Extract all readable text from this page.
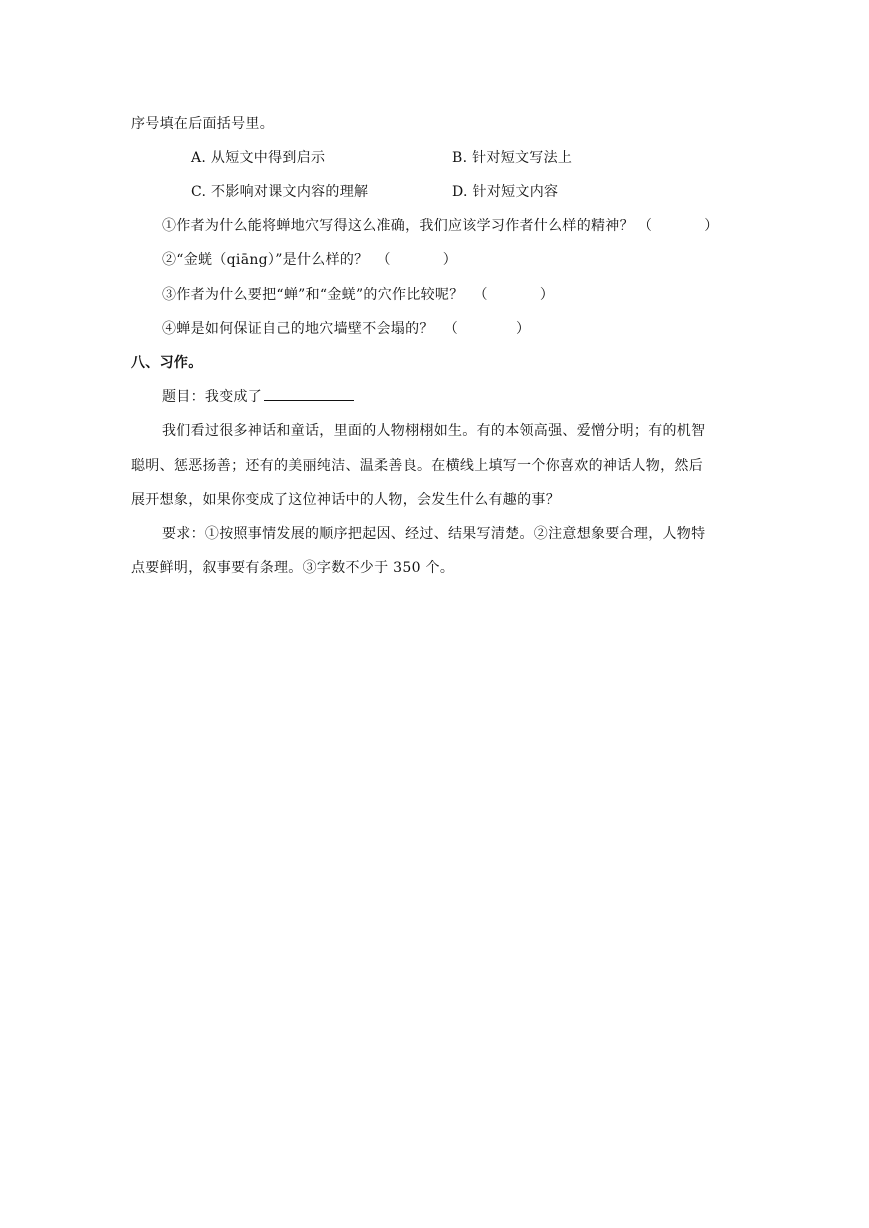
序号填在后面括号里。
A. 从短文中得到启示	B. 针对短文写法上
C. 不影响对课文内容的理解	D. 针对短文内容
①作者为什么能将蝉地穴写得这么准确，我们应该学习作者什么样的精神？ （	）
②“金蜣（qiāng）”是什么样的？ （	）
③作者为什么要把“蝉”和“金蜣”的穴作比较呢？ （	）
④蝉是如何保证自己的地穴墙壁不会塌的？ （	）
八、习作。
题目：我变成了
我们看过很多神话和童话，里面的人物栩栩如生。有的本领高强、爱憎分明；有的机智
聪明、惩恶扬善；还有的美丽纯洁、温柔善良。在横线上填写一个你喜欢的神话人物，然后
展开想象，如果你变成了这位神话中的人物，会发生什么有趣的事？
要求：①按照事情发展的顺序把起因、经过、结果写清楚。②注意想象要合理，人物特
点要鲜明，叙事要有条理。③字数不少于 350 个。
